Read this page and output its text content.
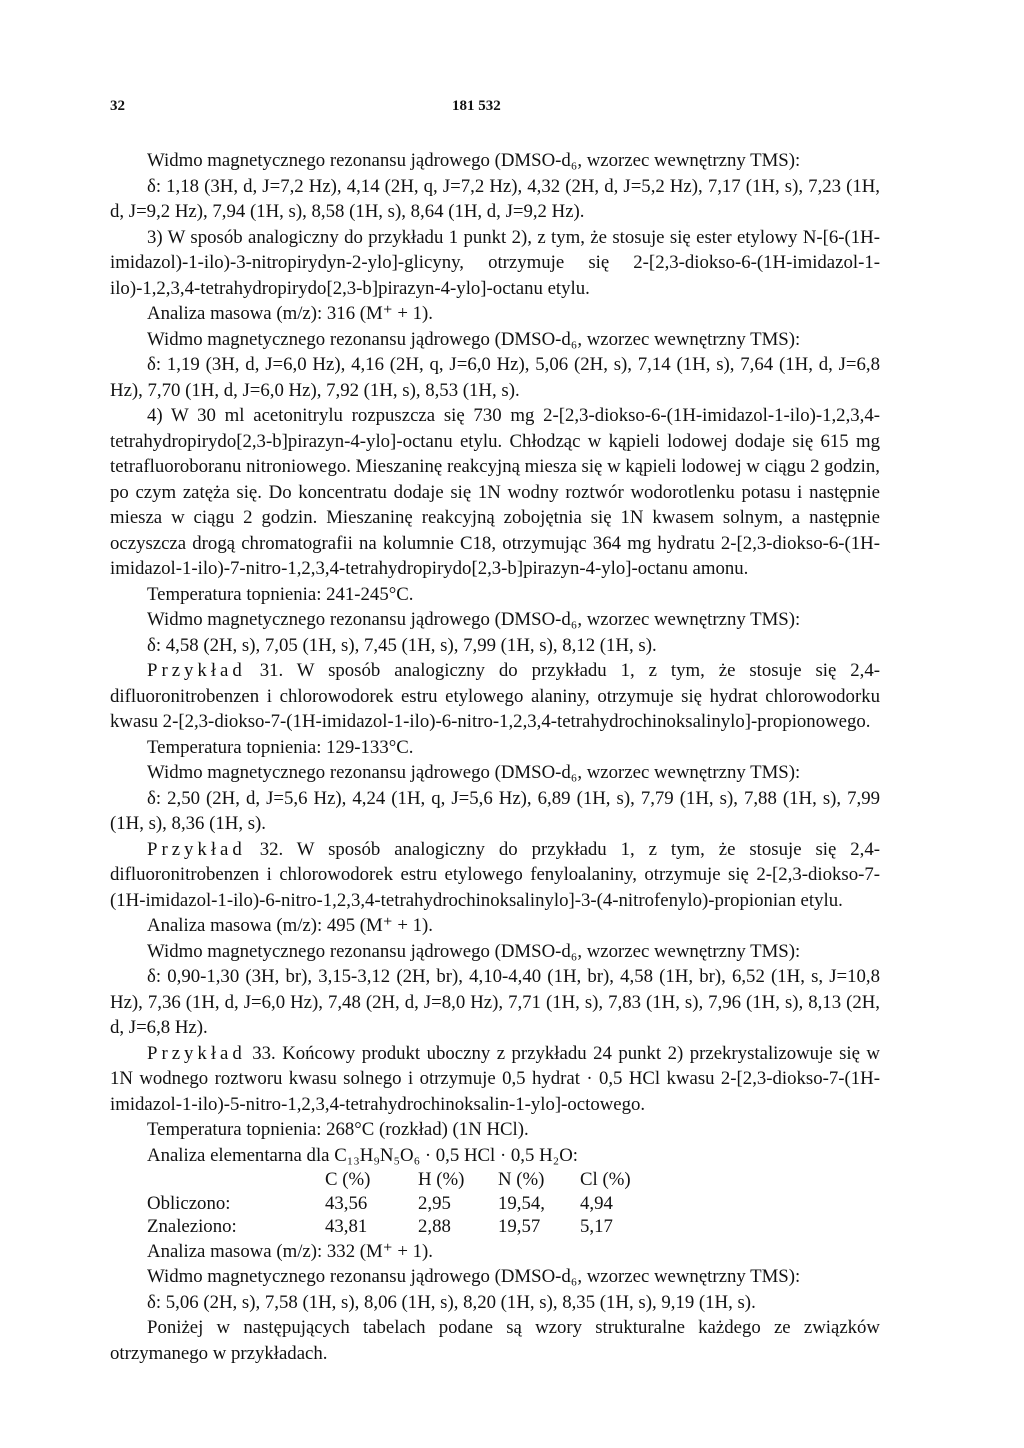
32	181 532

Widmo magnetycznego rezonansu jądrowego (DMSO-d₆, wzorzec wewnętrzny TMS):

δ: 1,18 (3H, d, J=7,2 Hz), 4,14 (2H, q, J=7,2 Hz), 4,32 (2H, d, J=5,2 Hz), 7,17 (1H, s), 7,23 (1H, d, J=9,2 Hz), 7,94 (1H, s), 8,58 (1H, s), 8,64 (1H, d, J=9,2 Hz).

3) W sposób analogiczny do przykładu 1 punkt 2), z tym, że stosuje się ester etylowy N-[6-(1H-imidazol)-1-ilo)-3-nitropirydyn-2-ylo]-glicyny, otrzymuje się 2-[2,3-diokso-6-(1H-imidazol-1-ilo)-1,2,3,4-tetrahydropirydo[2,3-b]pirazyn-4-ylo]-octanu etylu.

Analiza masowa (m/z): 316 (M⁺ + 1).

Widmo magnetycznego rezonansu jądrowego (DMSO-d₆, wzorzec wewnętrzny TMS):

δ: 1,19 (3H, d, J=6,0 Hz), 4,16 (2H, q, J=6,0 Hz), 5,06 (2H, s), 7,14 (1H, s), 7,64 (1H, d, J=6,8 Hz), 7,70 (1H, d, J=6,0 Hz), 7,92 (1H, s), 8,53 (1H, s).

4) W 30 ml acetonitrylu rozpuszcza się 730 mg 2-[2,3-diokso-6-(1H-imidazol-1-ilo)-1,2,3,4-tetrahydropirydo[2,3-b]pirazyn-4-ylo]-octanu etylu. Chłodząc w kąpieli lodowej dodaje się 615 mg tetrafluoroboranu nitroniowego. Mieszaninę reakcyjną miesza się w kąpieli lodowej w ciągu 2 godzin, po czym zatęża się. Do koncentratu dodaje się 1N wodny roztwór wodorotlenku potasu i następnie miesza w ciągu 2 godzin. Mieszaninę reakcyjną zobojętnia się 1N kwasem solnym, a następnie oczyszcza drogą chromatografii na kolumnie C18, otrzymując 364 mg hydratu 2-[2,3-diokso-6-(1H-imidazol-1-ilo)-7-nitro-1,2,3,4-tetrahydropirydo[2,3-b]pirazyn-4-ylo]-octanu amonu.

Temperatura topnienia: 241-245°C.

Widmo magnetycznego rezonansu jądrowego (DMSO-d₆, wzorzec wewnętrzny TMS):

δ: 4,58 (2H, s), 7,05 (1H, s), 7,45 (1H, s), 7,99 (1H, s), 8,12 (1H, s).

Przykład 31. W sposób analogiczny do przykładu 1, z tym, że stosuje się 2,4-difluoronitrobenzen i chlorowodorek estru etylowego alaniny, otrzymuje się hydrat chlorowodorku kwasu 2-[2,3-diokso-7-(1H-imidazol-1-ilo)-6-nitro-1,2,3,4-tetrahydrochinoksalinylo]-propionowego.

Temperatura topnienia: 129-133°C.

Widmo magnetycznego rezonansu jądrowego (DMSO-d₆, wzorzec wewnętrzny TMS):

δ: 2,50 (2H, d, J=5,6 Hz), 4,24 (1H, q, J=5,6 Hz), 6,89 (1H, s), 7,79 (1H, s), 7,88 (1H, s), 7,99 (1H, s), 8,36 (1H, s).

Przykład 32. W sposób analogiczny do przykładu 1, z tym, że stosuje się 2,4-difluoronitrobenzen i chlorowodorek estru etylowego fenyloalaniny, otrzymuje się 2-[2,3-diokso-7-(1H-imidazol-1-ilo)-6-nitro-1,2,3,4-tetrahydrochinoksalinylo]-3-(4-nitrofenylo)-propionian etylu.

Analiza masowa (m/z): 495 (M⁺ + 1).

Widmo magnetycznego rezonansu jądrowego (DMSO-d₆, wzorzec wewnętrzny TMS):

δ: 0,90-1,30 (3H, br), 3,15-3,12 (2H, br), 4,10-4,40 (1H, br), 4,58 (1H, br), 6,52 (1H, s, J=10,8 Hz), 7,36 (1H, d, J=6,0 Hz), 7,48 (2H, d, J=8,0 Hz), 7,71 (1H, s), 7,83 (1H, s), 7,96 (1H, s), 8,13 (2H, d, J=6,8 Hz).

Przykład 33. Końcowy produkt uboczny z przykładu 24 punkt 2) przekrystalizowuje się w 1N wodnego roztworu kwasu solnego i otrzymuje 0,5 hydrat · 0,5 HCl kwasu 2-[2,3-diokso-7-(1H-imidazol-1-ilo)-5-nitro-1,2,3,4-tetrahydrochinoksalin-1-ylo]-octowego.

Temperatura topnienia: 268°C (rozkład) (1N HCl).

Analiza elementarna dla C₁₃H₉N₅O₆ · 0,5 HCl · 0,5 H₂O:

	C (%)	H (%)	N (%)	Cl (%)
Obliczono:	43,56	2,95	19,54,	4,94
Znaleziono:	43,81	2,88	19,57	5,17

Analiza masowa (m/z): 332 (M⁺ + 1).

Widmo magnetycznego rezonansu jądrowego (DMSO-d₆, wzorzec wewnętrzny TMS):

δ: 5,06 (2H, s), 7,58 (1H, s), 8,06 (1H, s), 8,20 (1H, s), 8,35 (1H, s), 9,19 (1H, s).

Poniżej w następujących tabelach podane są wzory strukturalne każdego ze związków otrzymanego w przykładach.
